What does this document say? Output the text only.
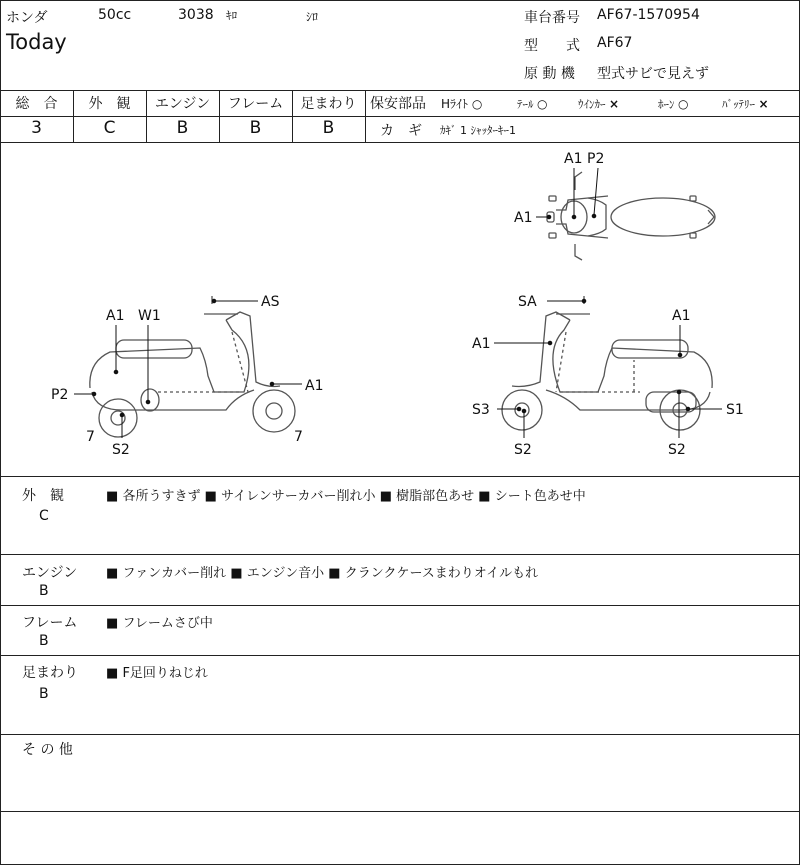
ホンダ	50cc	3038 ｷﾛ	ｼﾛ
Today
車台番号 AF67-1570954
型　　式 AF67
原 動 機 型式サビで見えず
総　合	外　観	エンジン	フレーム	足まわり
3	C	B	B	B
保安部品 Hﾗｲﾄ ○	ﾃｰﾙ ○	ｳｲﾝｶｰ ×	ﾎｰﾝ ○	ﾊﾞｯﾃﾘｰ ×
カ　ギ ｶｷﾞ 1 ｼｬｯﾀｰｷｰ1
A1
A1 P2
A1 W1
AS
P2
A1
7
S2
7
SA
A1
A1
S3	S1
S2	S2
外　観
C
■ 各所うすきず ■ サイレンサーカバー削れ小 ■ 樹脂部色あせ ■ シート色あせ中
エンジン
B
■ ファンカバー削れ ■ エンジン音小 ■ クランクケースまわりオイルもれ
フレーム
B
■ フレームさび中
足まわり
B
■ F足回りねじれ
そ の 他
